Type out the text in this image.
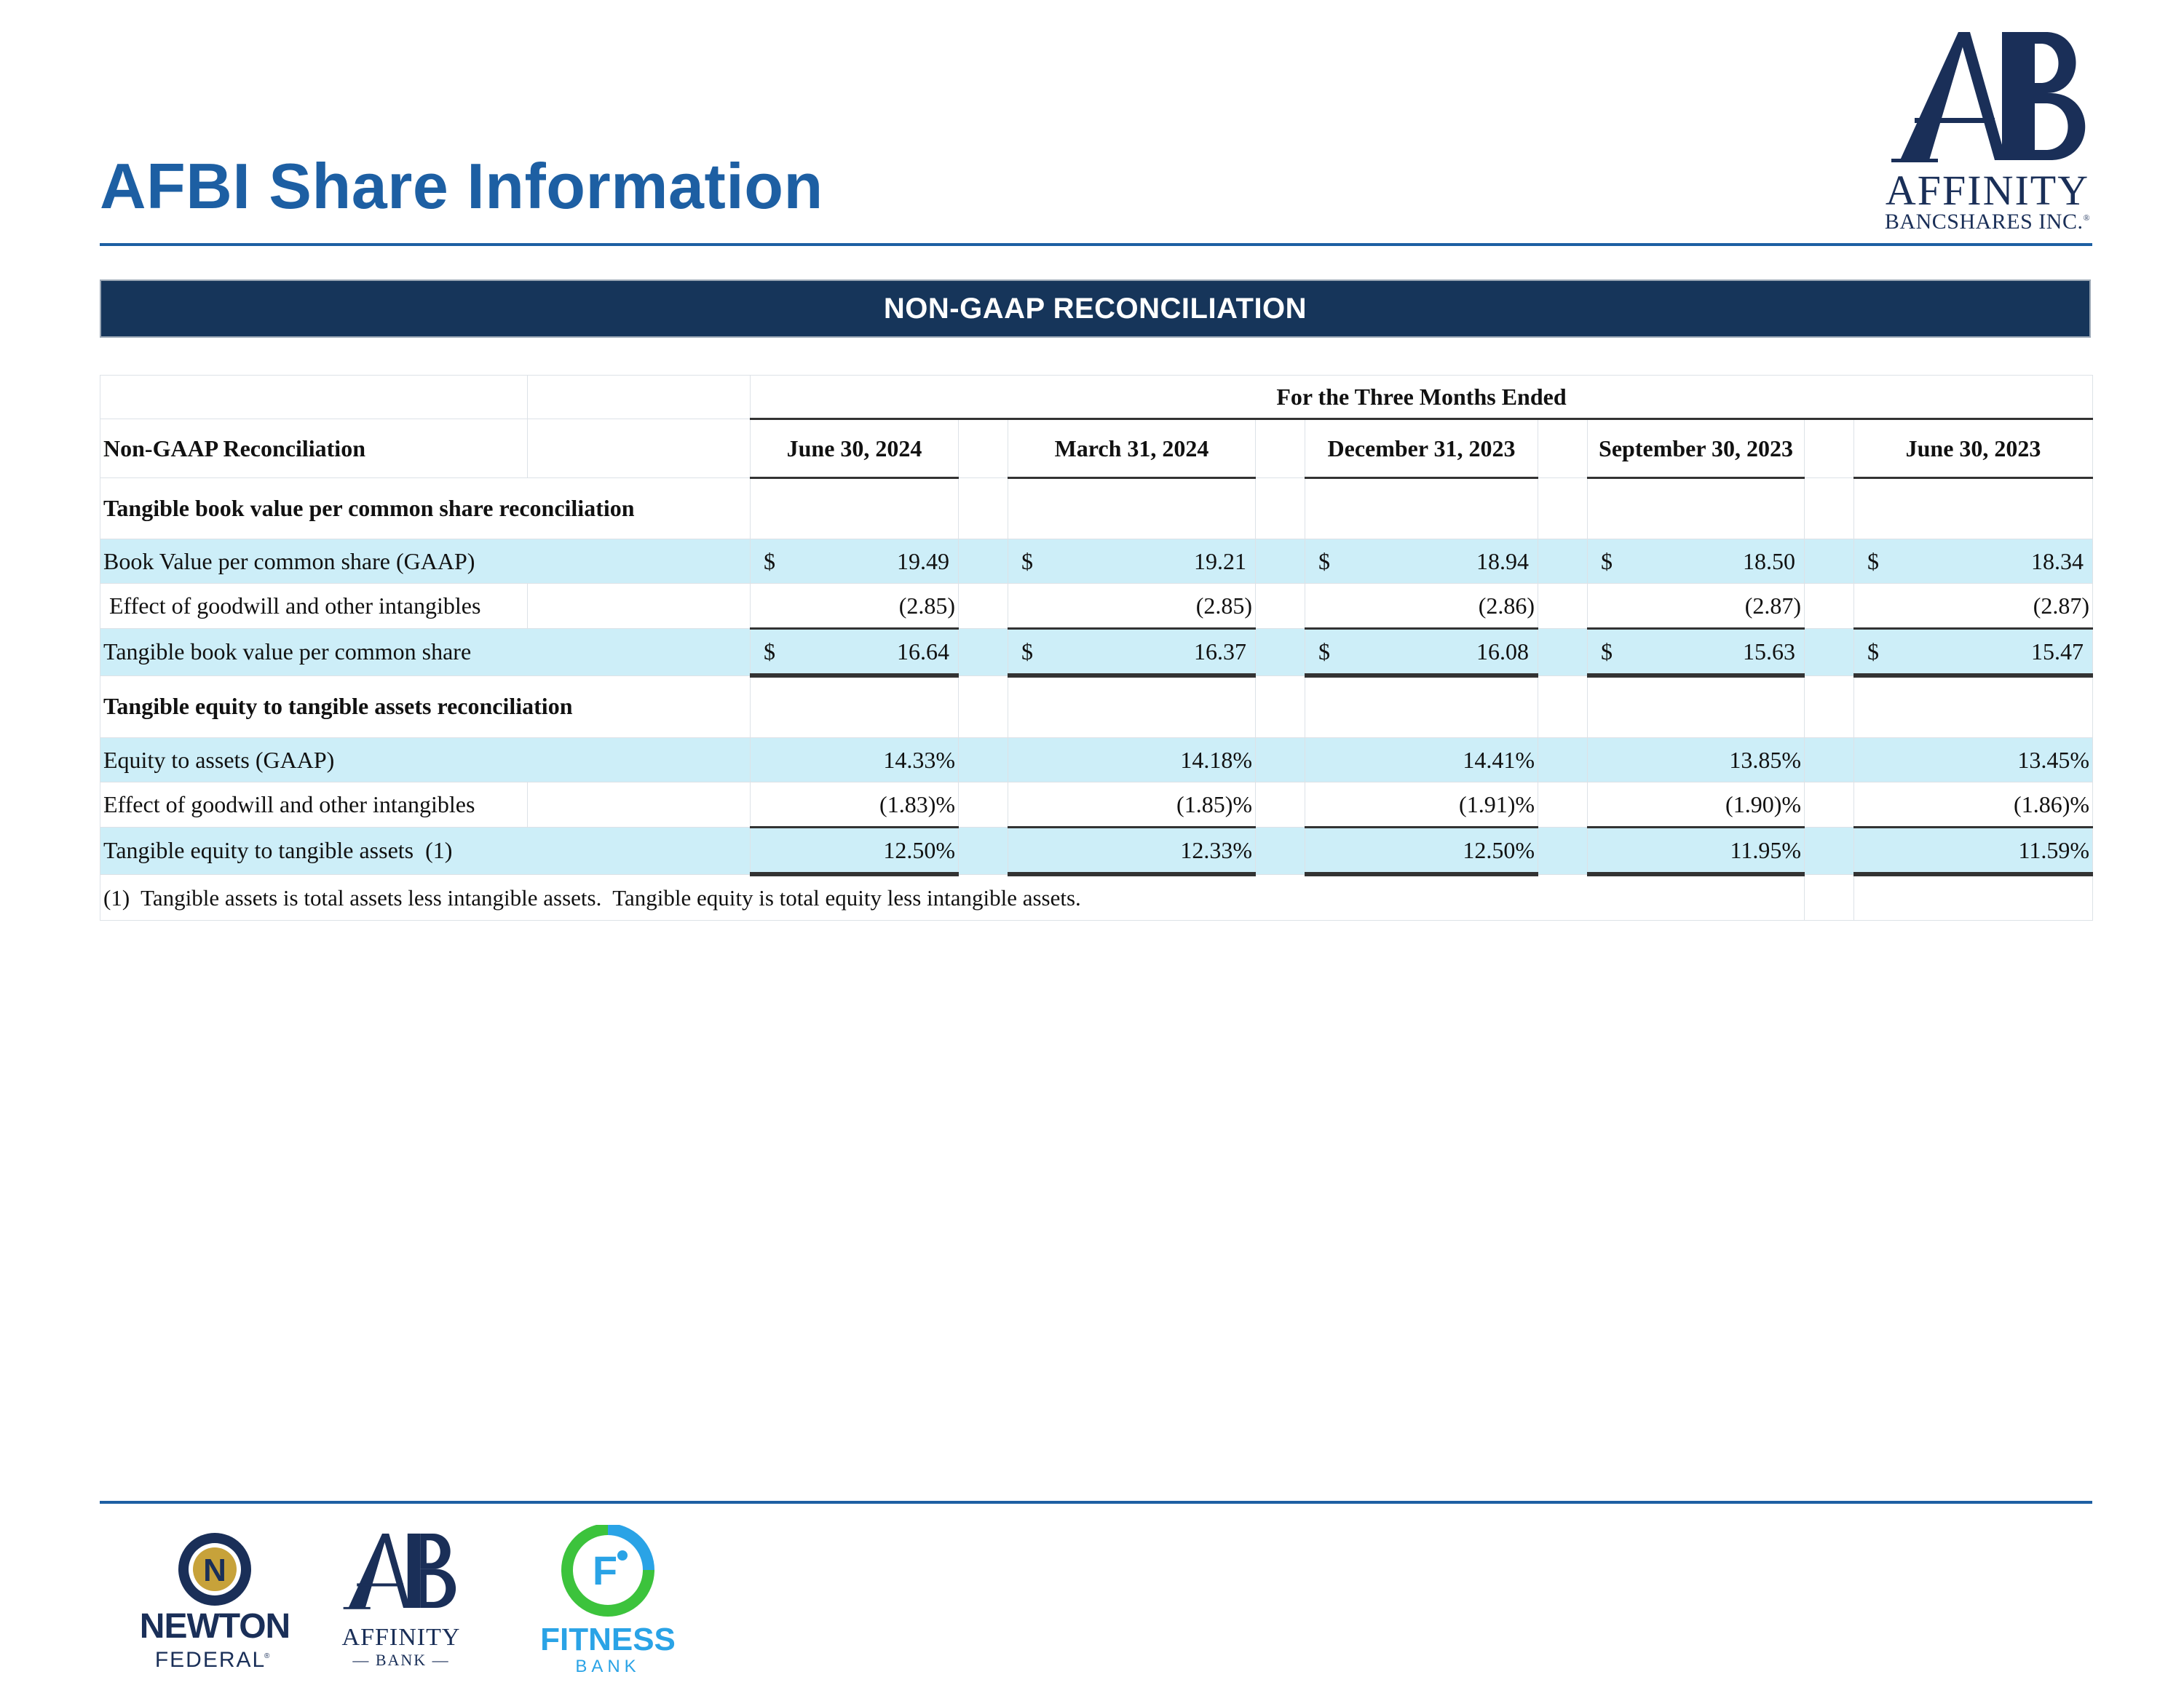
AFBI Share Information	AFFINITY
BANCSHARES INC.®
NON-GAAP RECONCILIATION
		For the Three Months Ended								
Non-GAAP Reconciliation		June 30, 2024		March 31, 2024		December 31, 2023		September 30, 2023		June 30, 2023
Tangible book value per common share reconciliation										
Book Value per common share (GAAP)		$ 19.49		$ 19.21		$ 18.94		$ 18.50		$ 18.34
Effect of goodwill and other intangibles		(2.85)		(2.85)		(2.86)		(2.87)		(2.87)
Tangible book value per common share		$ 16.64		$ 16.37		$ 16.08		$ 15.63		$ 15.47
Tangible equity to tangible assets reconciliation										
Equity to assets (GAAP)		14.33%		14.18%		14.41%		13.85%		13.45%
Effect of goodwill and other intangibles		(1.83)%		(1.85)%		(1.91)%		(1.90)%		(1.86)%
Tangible equity to tangible assets  (1)		12.50%		12.33%		12.50%		11.95%		11.59%
(1)  Tangible assets is total assets less intangible assets.  Tangible equity is total equity less intangible assets.										
N
NEWTON
FEDERAL
®
AFFINITY
— BANK —
F
FITNESS
BANK
